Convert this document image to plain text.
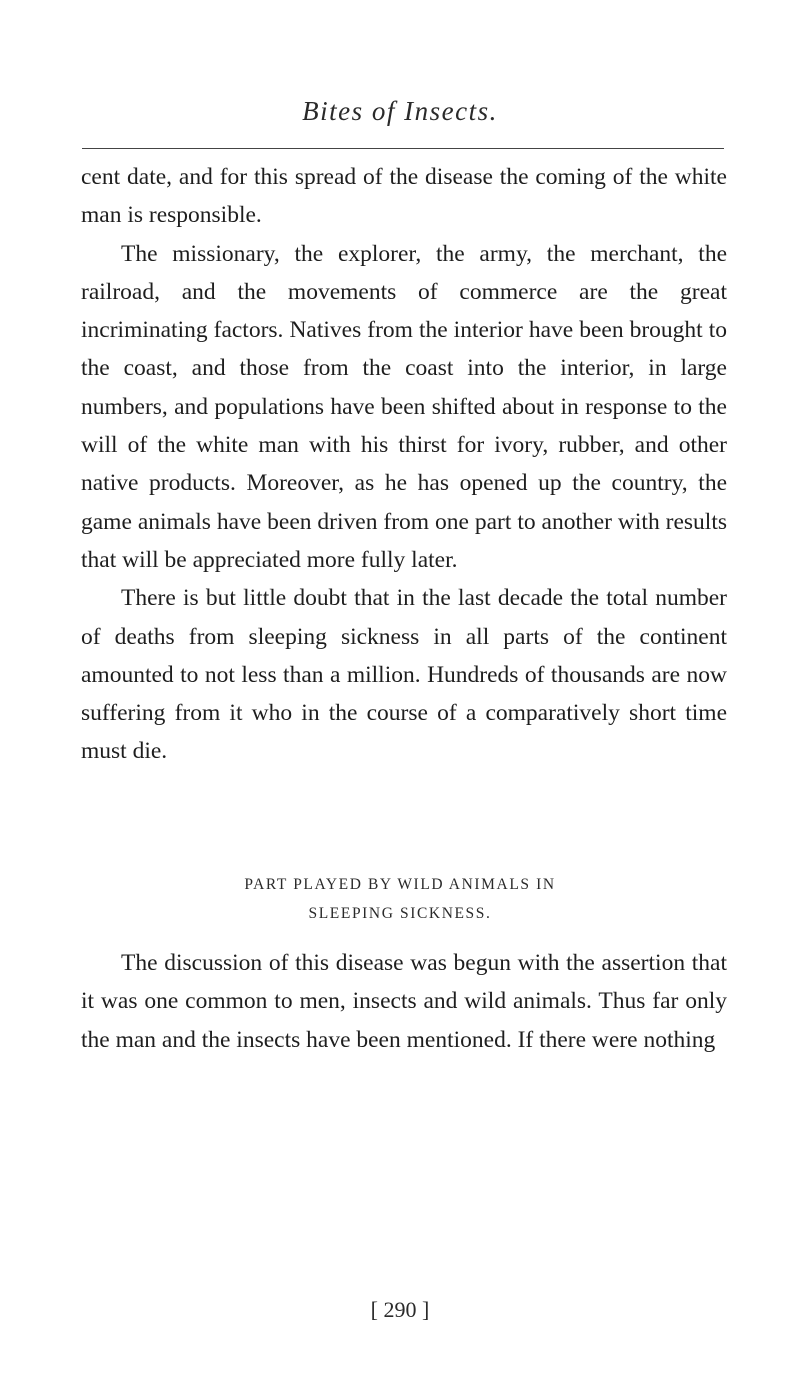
Bites of Insects.

cent date, and for this spread of the disease the coming of the white man is responsible.

The missionary, the explorer, the army, the merchant, the railroad, and the movements of commerce are the great incriminating factors. Natives from the interior have been brought to the coast, and those from the coast into the interior, in large numbers, and populations have been shifted about in response to the will of the white man with his thirst for ivory, rubber, and other native products. Moreover, as he has opened up the country, the game animals have been driven from one part to another with results that will be appreciated more fully later.

There is but little doubt that in the last decade the total number of deaths from sleeping sickness in all parts of the continent amounted to not less than a million. Hundreds of thousands are now suffering from it who in the course of a comparatively short time must die.

PART PLAYED BY WILD ANIMALS IN
SLEEPING SICKNESS.

The discussion of this disease was begun with the assertion that it was one common to men, insects and wild animals. Thus far only the man and the insects have been mentioned. If there were nothing

[ 290 ]
